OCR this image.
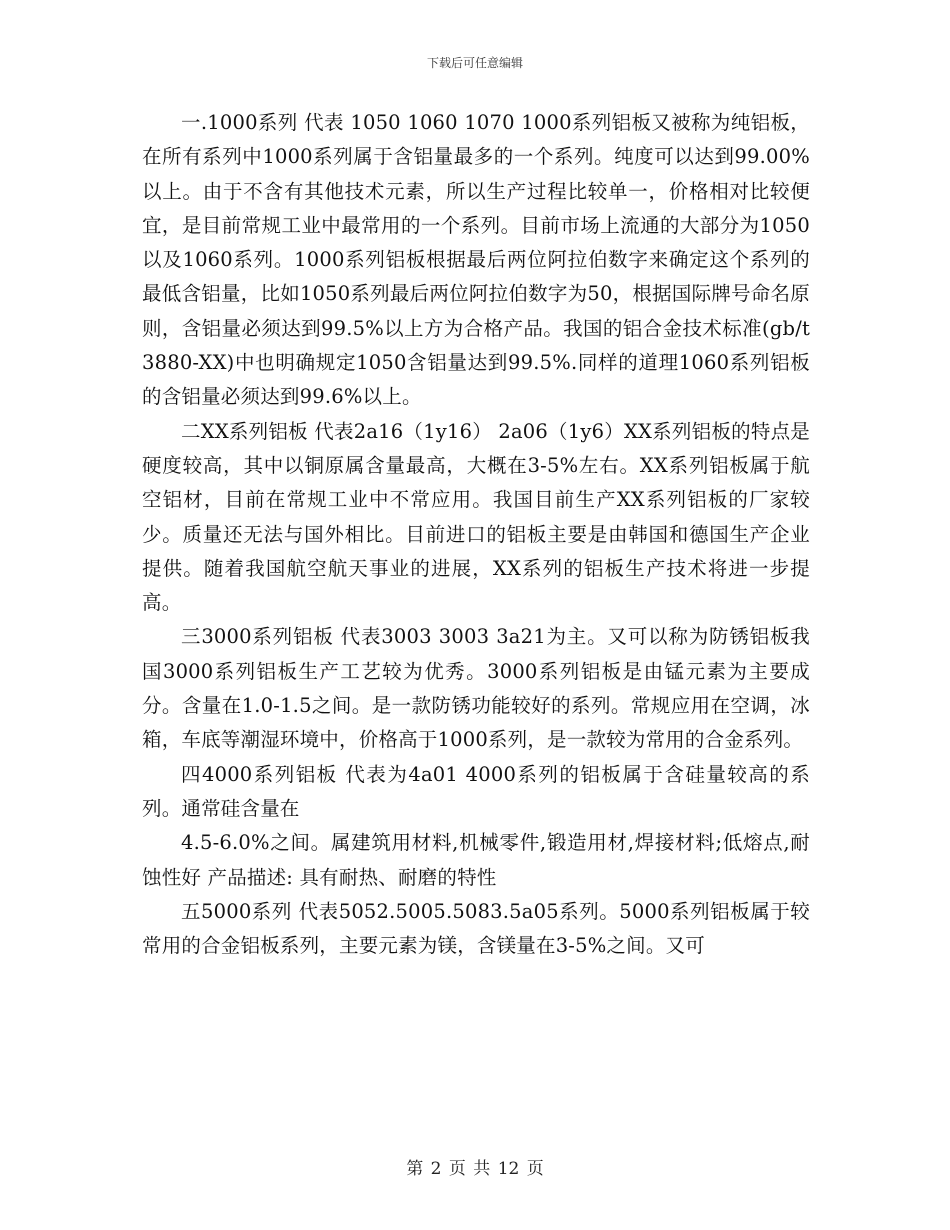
下载后可任意编辑

一.1000系列 代表 1050 1060 1070 1000系列铝板又被称为纯铝板，在所有系列中1000系列属于含铝量最多的一个系列。纯度可以达到99.00%以上。由于不含有其他技术元素，所以生产过程比较单一，价格相对比较便宜，是目前常规工业中最常用的一个系列。目前市场上流通的大部分为1050以及1060系列。1000系列铝板根据最后两位阿拉伯数字来确定这个系列的最低含铝量，比如1050系列最后两位阿拉伯数字为50，根据国际牌号命名原则，含铝量必须达到99.5%以上方为合格产品。我国的铝合金技术标准(gb/t3880-XX)中也明确规定1050含铝量达到99.5%.同样的道理1060系列铝板的含铝量必须达到99.6%以上。

二XX系列铝板 代表2a16（1y16） 2a06（1y6）XX系列铝板的特点是硬度较高，其中以铜原属含量最高，大概在3-5%左右。XX系列铝板属于航空铝材，目前在常规工业中不常应用。我国目前生产XX系列铝板的厂家较少。质量还无法与国外相比。目前进口的铝板主要是由韩国和德国生产企业提供。随着我国航空航天事业的进展，XX系列的铝板生产技术将进一步提高。

三3000系列铝板 代表3003 3003 3a21为主。又可以称为防锈铝板我国3000系列铝板生产工艺较为优秀。3000系列铝板是由锰元素为主要成分。含量在1.0-1.5之间。是一款防锈功能较好的系列。常规应用在空调，冰箱，车底等潮湿环境中，价格高于1000系列，是一款较为常用的合金系列。

四4000系列铝板 代表为4a01 4000系列的铝板属于含硅量较高的系列。通常硅含量在

4.5-6.0%之间。属建筑用材料,机械零件,锻造用材,焊接材料;低熔点,耐蚀性好 产品描述: 具有耐热、耐磨的特性

五5000系列 代表5052.5005.5083.5a05系列。5000系列铝板属于较常用的合金铝板系列，主要元素为镁，含镁量在3-5%之间。又可

第 2 页 共 12 页
